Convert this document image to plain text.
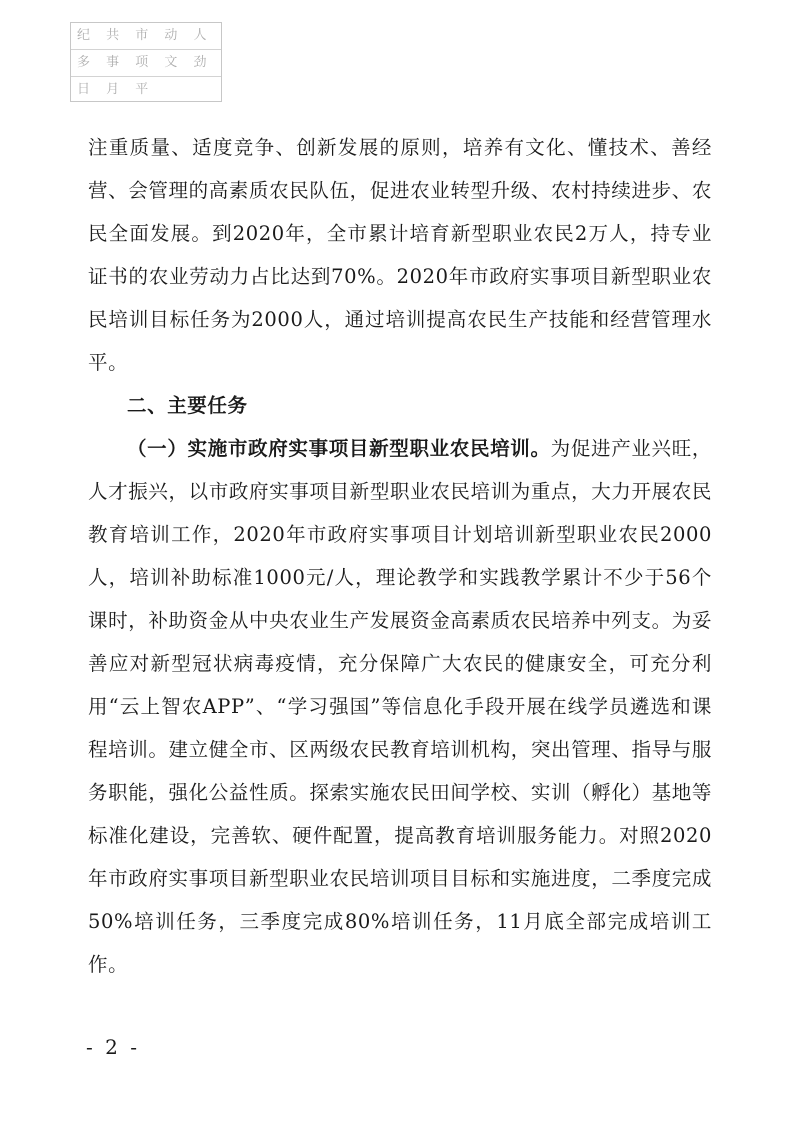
纪 共 市 动 人
多 事 项 文 劲
日 月 平

注重质量、适度竞争、创新发展的原则，培养有文化、懂技术、善经营、会管理的高素质农民队伍，促进农业转型升级、农村持续进步、农民全面发展。到2020年，全市累计培育新型职业农民2万人，持专业证书的农业劳动力占比达到70%。2020年市政府实事项目新型职业农民培训目标任务为2000人，通过培训提高农民生产技能和经营管理水平。

二、主要任务

（一）实施市政府实事项目新型职业农民培训。为促进产业兴旺，人才振兴，以市政府实事项目新型职业农民培训为重点，大力开展农民教育培训工作，2020年市政府实事项目计划培训新型职业农民2000人，培训补助标准1000元/人，理论教学和实践教学累计不少于56个课时，补助资金从中央农业生产发展资金高素质农民培养中列支。为妥善应对新型冠状病毒疫情，充分保障广大农民的健康安全，可充分利用“云上智农APP”、“学习强国”等信息化手段开展在线学员遴选和课程培训。建立健全市、区两级农民教育培训机构，突出管理、指导与服务职能，强化公益性质。探索实施农民田间学校、实训（孵化）基地等标准化建设，完善软、硬件配置，提高教育培训服务能力。对照2020年市政府实事项目新型职业农民培训项目目标和实施进度，二季度完成50%培训任务，三季度完成80%培训任务，11月底全部完成培训工作。

- 2 -
